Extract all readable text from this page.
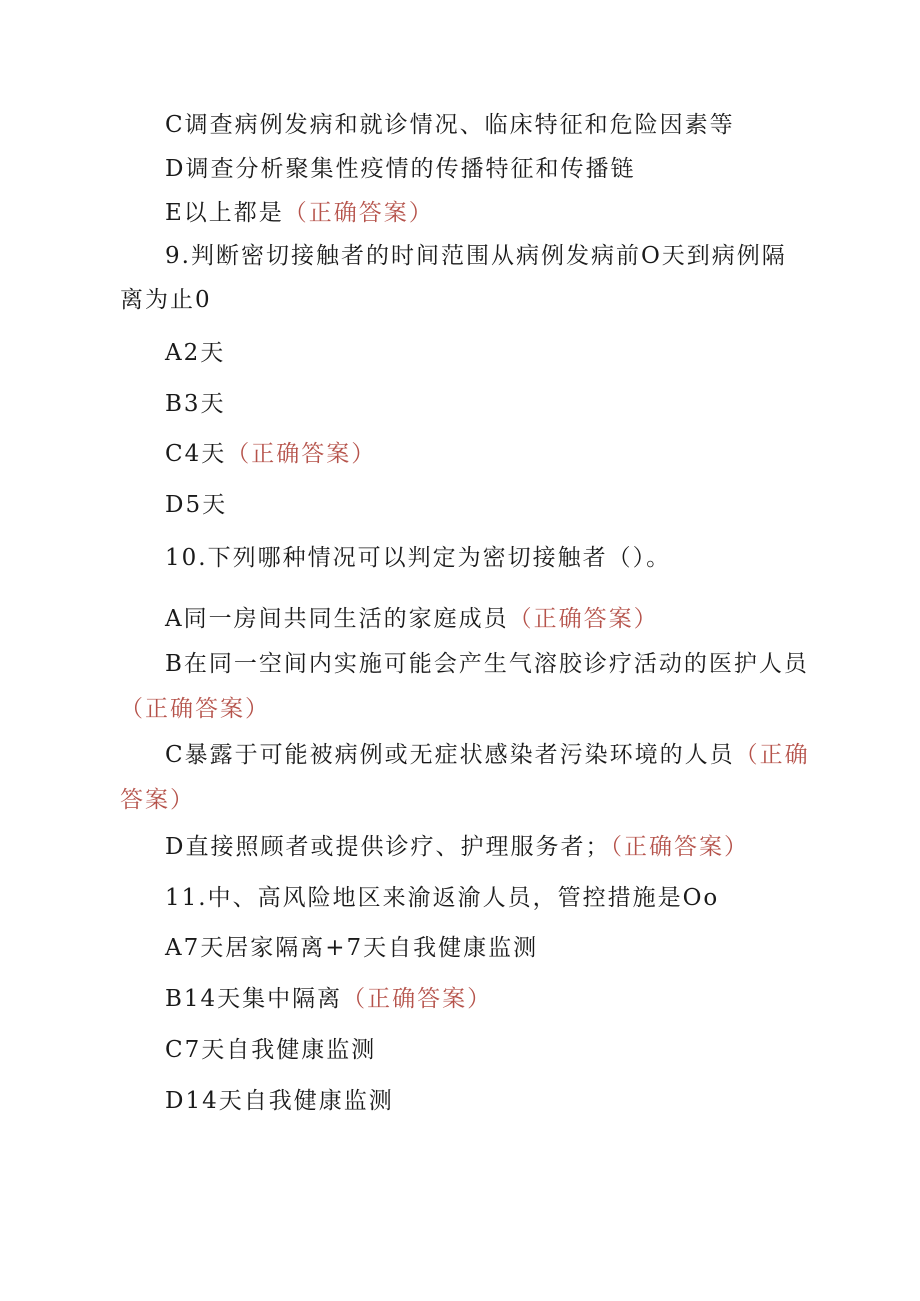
C调查病例发病和就诊情况、临床特征和危险因素等
D调查分析聚集性疫情的传播特征和传播链
E以上都是（正确答案）
9.判断密切接触者的时间范围从病例发病前O天到病例隔
离为止0
A2天
B3天
C4天（正确答案）
D5天
10.下列哪种情况可以判定为密切接触者（）。
A同一房间共同生活的家庭成员（正确答案）
B在同一空间内实施可能会产生气溶胶诊疗活动的医护人员
（正确答案）
C暴露于可能被病例或无症状感染者污染环境的人员（正确
答案）
D直接照顾者或提供诊疗、护理服务者；（正确答案）
11.中、高风险地区来渝返渝人员，管控措施是Oo
A7天居家隔离+7天自我健康监测
B14天集中隔离（正确答案）
C7天自我健康监测
D14天自我健康监测
